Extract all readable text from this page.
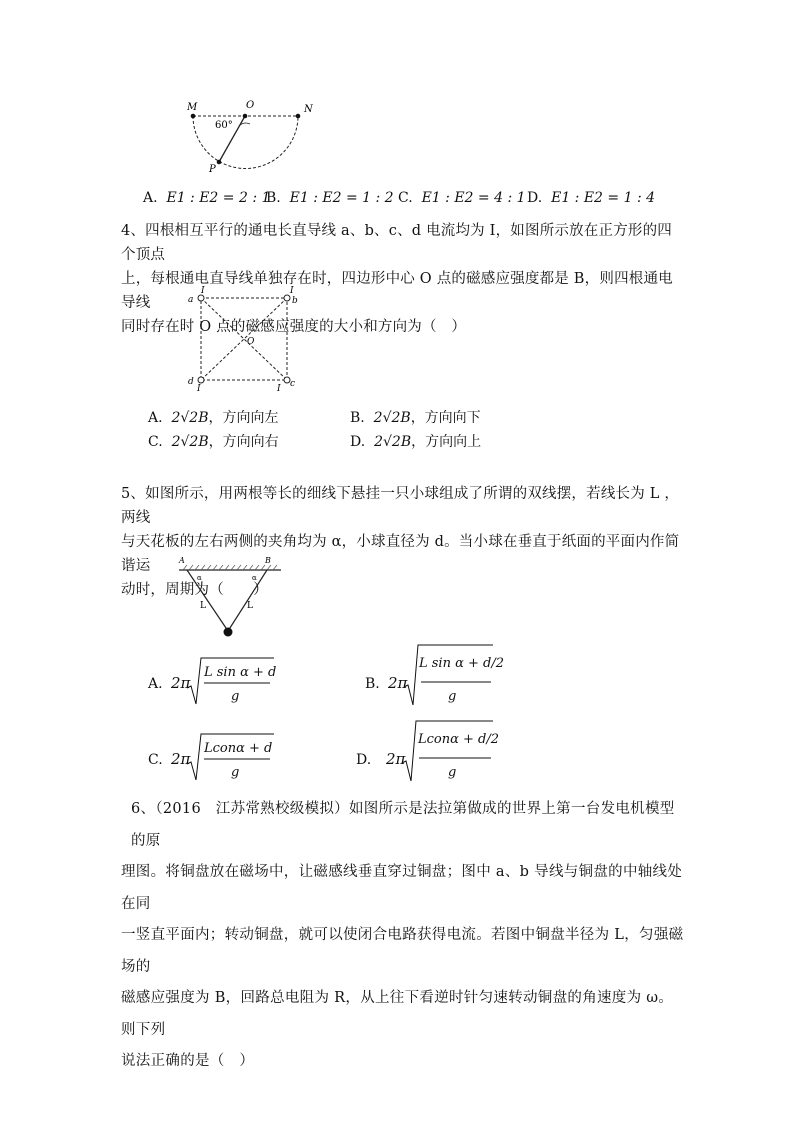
M	O	N
P
60°
A. E1 : E2 = 2 : 1
B. E1 : E2 = 1 : 2 C. E1 : E2 = 4 : 1 D. E1 : E2 = 1 : 4
4、四根相互平行的通电长直导线 a、b、c、d 电流均为 I，如图所示放在正方形的四个顶点
上，每根通电直导线单独存在时，四边形中心 O 点的磁感应强度都是 B，则四根通电导线
同时存在时 O 点的磁感应强度的大小和方向为（　）
a	b
c
d
O
I	I
I
I
A. 2√2B，方向向左	B. 2√2B，方向向下
C. 2√2B，方向向右	D. 2√2B，方向向上
5、如图所示，用两根等长的细线下悬挂一只小球组成了所谓的双线摆，若线长为 L ，两线
与天花板的左右两侧的夹角均为 α，小球直径为 d。当小球在垂直于纸面的平面内作简谐运
动时，周期为（　　）
A	B
α	α
L	L
A. 2π
L sin α + d
g
B. 2π
L sin α + d/2
g
C. 2π
Lconα + d
g
D. 2π
Lconα + d/2
g
6、（2016　江苏常熟校级模拟）如图所示是法拉第做成的世界上第一台发电机模型的原
理图。将铜盘放在磁场中，让磁感线垂直穿过铜盘；图中 a、b 导线与铜盘的中轴线处在同
一竖直平面内；转动铜盘，就可以使闭合电路获得电流。若图中铜盘半径为 L，匀强磁场的
磁感应强度为 B，回路总电阻为 R，从上往下看逆时针匀速转动铜盘的角速度为 ω。则下列
说法正确的是（　）
